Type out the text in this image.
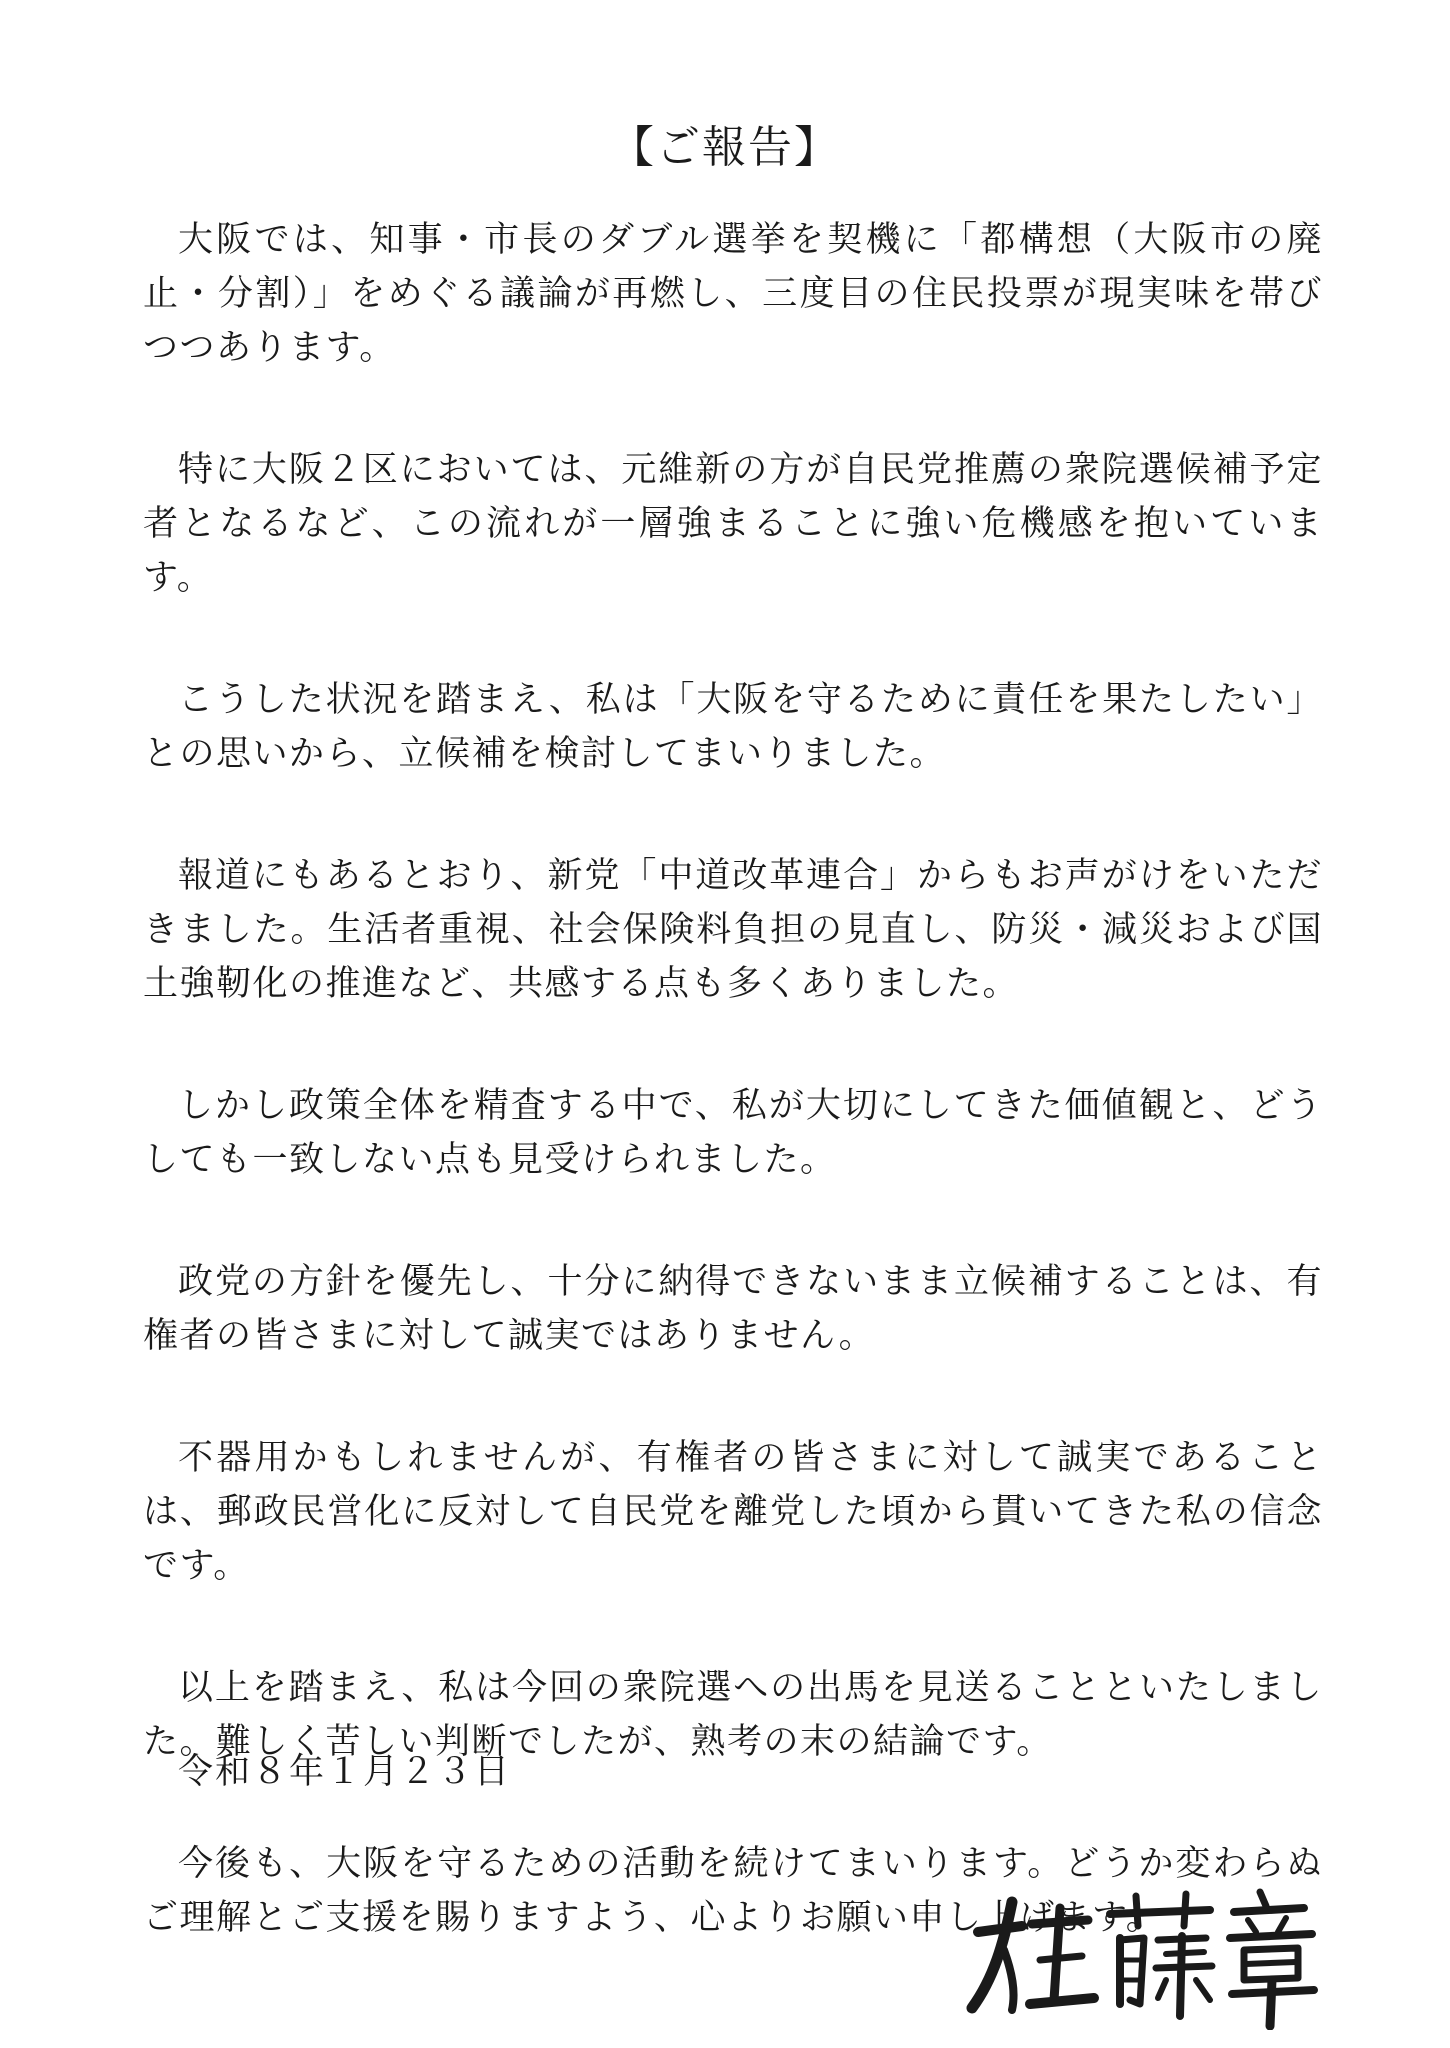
【ご報告】

大阪では、知事・市長のダブル選挙を契機に「都構想（大阪市の廃止・分割）」をめぐる議論が再燃し、三度目の住民投票が現実味を帯びつつあります。

特に大阪２区においては、元維新の方が自民党推薦の衆院選候補予定者となるなど、この流れが一層強まることに強い危機感を抱いています。

こうした状況を踏まえ、私は「大阪を守るために責任を果たしたい」との思いから、立候補を検討してまいりました。

報道にもあるとおり、新党「中道改革連合」からもお声がけをいただきました。生活者重視、社会保険料負担の見直し、防災・減災および国土強靭化の推進など、共感する点も多くありました。

しかし政策全体を精査する中で、私が大切にしてきた価値観と、どうしても一致しない点も見受けられました。

政党の方針を優先し、十分に納得できないまま立候補することは、有権者の皆さまに対して誠実ではありません。

不器用かもしれませんが、有権者の皆さまに対して誠実であることは、郵政民営化に反対して自民党を離党した頃から貫いてきた私の信念です。

以上を踏まえ、私は今回の衆院選への出馬を見送ることといたしました。難しく苦しい判断でしたが、熟考の末の結論です。

今後も、大阪を守るための活動を続けてまいります。どうか変わらぬご理解とご支援を賜りますよう、心よりお願い申し上げます。

令和８年１月２３日
